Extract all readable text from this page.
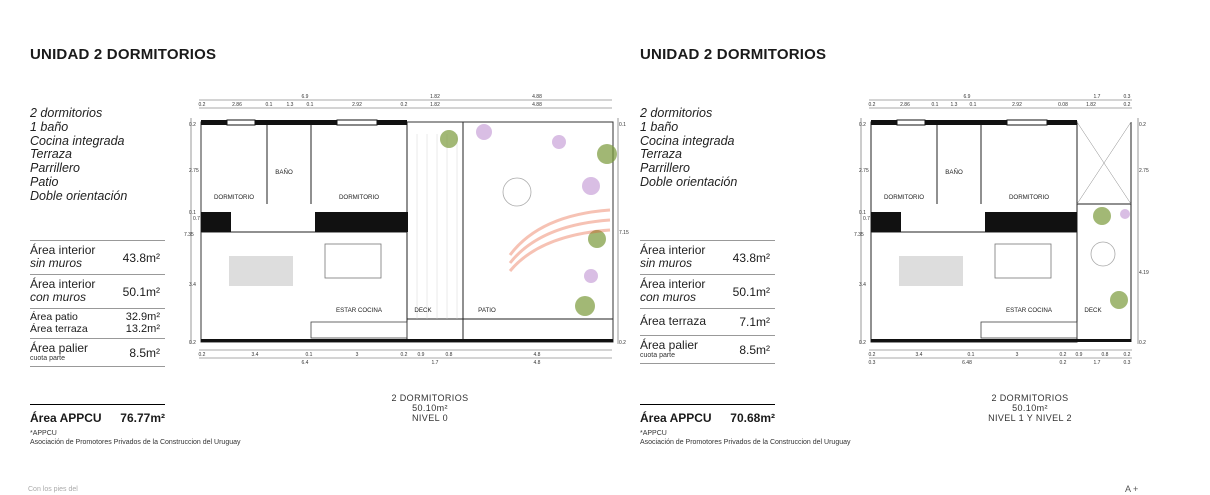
UNIDAD 2 DORMITORIOS
2 dormitorios
1 baño
Cocina integrada
Terraza
Parrillero
Patio
Doble orientación
Área interior
sin muros	43.8m²
Área interior
con muros	50.1m²
Área patio	32.9m²
Área terraza	13.2m²
Área palier
cuota parte	8.5m²
Área APPCU 76.77m²
*APPCU
Asociación de Promotores Privados de la Construccion del Uruguay
6.9	1.82	4.88
0.2	2.86	0.1	1.3	0.1	2.92	0.2	1.82	4.88
0.2	3.4	0.1	3	0.2 0.9	0.8	4.8
6.4	1.7	4.8
0.2
2.75
0.1
0.7
7.35
3.4
0.2
0.1
7.15
0.2
DORMITORIO
BAÑO
DORMITORIO
ESTAR COCINA	DECK	PATIO
2 DORMITORIOS
50.10m²
NIVEL 0
UNIDAD 2 DORMITORIOS
2 dormitorios
1 baño
Cocina integrada
Terraza
Parrillero
Doble orientación
Área interior
sin muros	43.8m²
Área interior
con muros	50.1m²
Área terraza	7.1m²
Área palier
cuota parte	8.5m²
Área APPCU 70.68m²
*APPCU
Asociación de Promotores Privados de la Construccion del Uruguay
6.9	1.7	0.3
0.2	2.86	0.1 1.3 0.1	2.92	0.08	1.82	0.2
0.2	3.4	0.1	3	0.2 0.9	0.8	0.2
0.3	6.48	0.2	1.7	0.3
0.2
2.75
0.1
0.7
7.35
3.4
0.2
0.2
2.75
4.19
0.2
DORMITORIO
BAÑO
DORMITORIO
ESTAR COCINA	DECK
2 DORMITORIOS
50.10m²
NIVEL 1 Y NIVEL 2
Con los pies del	A +
